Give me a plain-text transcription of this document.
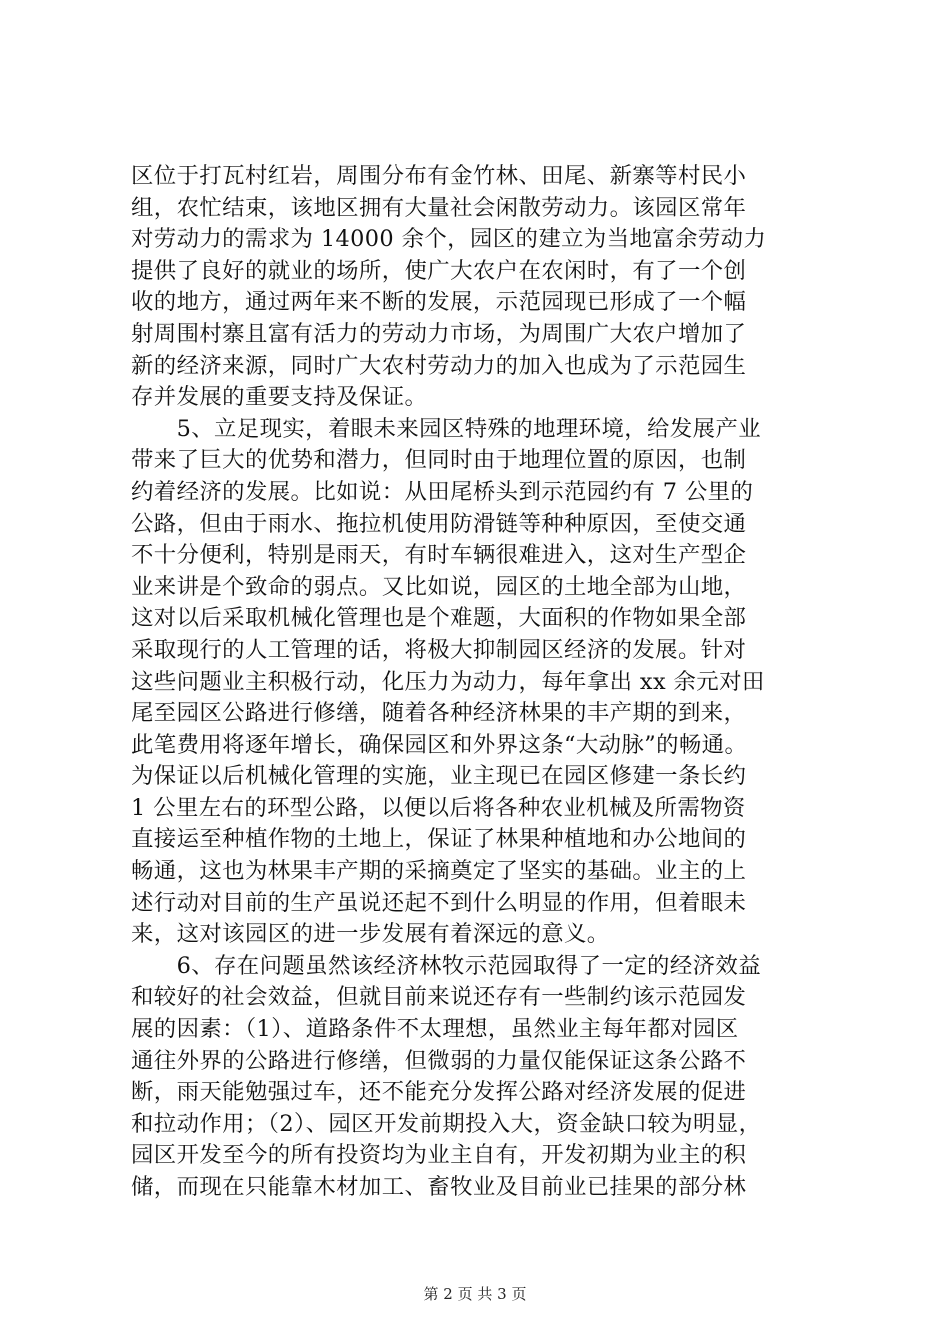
区位于打瓦村红岩，周围分布有金竹林、田尾、新寨等村民小
组，农忙结束，该地区拥有大量社会闲散劳动力。该园区常年
对劳动力的需求为 14000 余个，园区的建立为当地富余劳动力
提供了良好的就业的场所，使广大农户在农闲时，有了一个创
收的地方，通过两年来不断的发展，示范园现已形成了一个幅
射周围村寨且富有活力的劳动力市场，为周围广大农户增加了
新的经济来源，同时广大农村劳动力的加入也成为了示范园生
存并发展的重要支持及保证。
　　5、立足现实，着眼未来园区特殊的地理环境，给发展产业
带来了巨大的优势和潜力，但同时由于地理位置的原因，也制
约着经济的发展。比如说：从田尾桥头到示范园约有 7 公里的
公路，但由于雨水、拖拉机使用防滑链等种种原因，至使交通
不十分便利，特别是雨天，有时车辆很难进入，这对生产型企
业来讲是个致命的弱点。又比如说，园区的土地全部为山地，
这对以后采取机械化管理也是个难题，大面积的作物如果全部
采取现行的人工管理的话，将极大抑制园区经济的发展。针对
这些问题业主积极行动，化压力为动力，每年拿出 xx 余元对田
尾至园区公路进行修缮，随着各种经济林果的丰产期的到来，
此笔费用将逐年增长，确保园区和外界这条“大动脉”的畅通。
为保证以后机械化管理的实施，业主现已在园区修建一条长约
1 公里左右的环型公路，以便以后将各种农业机械及所需物资
直接运至种植作物的土地上，保证了林果种植地和办公地间的
畅通，这也为林果丰产期的采摘奠定了坚实的基础。业主的上
述行动对目前的生产虽说还起不到什么明显的作用，但着眼未
来，这对该园区的进一步发展有着深远的意义。
　　6、存在问题虽然该经济林牧示范园取得了一定的经济效益
和较好的社会效益，但就目前来说还存有一些制约该示范园发
展的因素：（1）、道路条件不太理想，虽然业主每年都对园区
通往外界的公路进行修缮，但微弱的力量仅能保证这条公路不
断，雨天能勉强过车，还不能充分发挥公路对经济发展的促进
和拉动作用；（2）、园区开发前期投入大，资金缺口较为明显，
园区开发至今的所有投资均为业主自有，开发初期为业主的积
储，而现在只能靠木材加工、畜牧业及目前业已挂果的部分林
第 2 页 共 3 页
